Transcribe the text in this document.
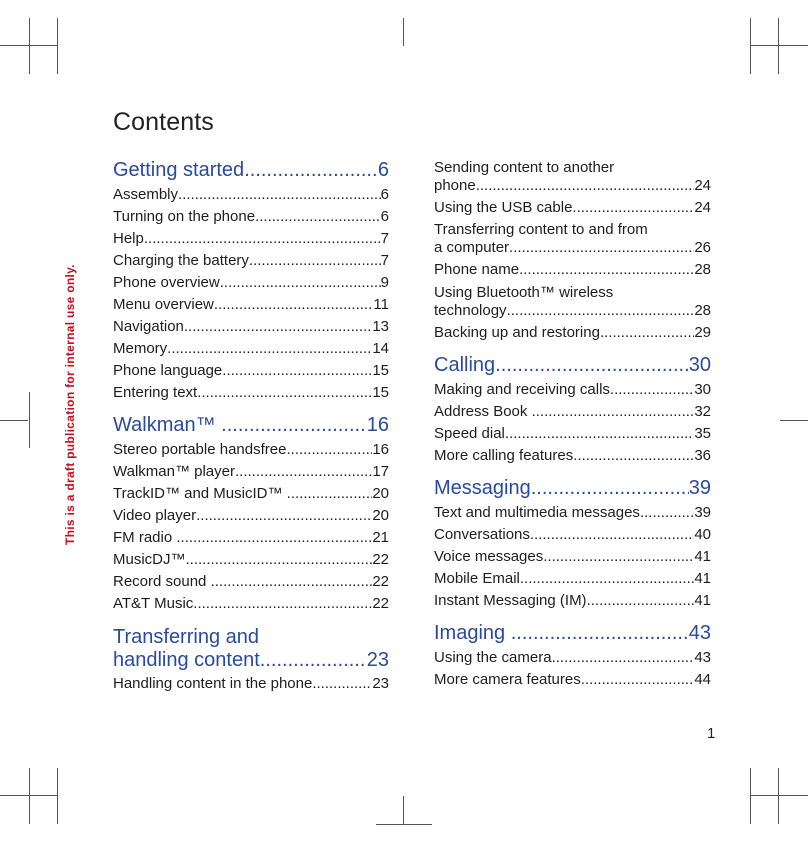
This is a draft publication for internal use only.
Contents
Getting started .....	6
Assembly .....	6
Turning on the phone .....	6
Help .....	7
Charging the battery .....	7
Phone overview .....	9
Menu overview .....	11
Navigation .....	13
Memory .....	14
Phone language .....	15
Entering text .....	15
Walkman™ .....	16
Stereo portable handsfree .....	16
Walkman™ player .....	17
TrackID™ and MusicID™ .....	20
Video player .....	20
FM radio .....	21
MusicDJ™ .....	22
Record sound .....	22
AT&T Music .....	22
Transferring and
handling content .....	23
Handling content in the phone .....	23
Sending content to another
phone .....	24
Using the USB cable .....	24
Transferring content to and from
a computer .....	26
Phone name .....	28
Using Bluetooth™ wireless
technology .....	28
Backing up and restoring .....	29
Calling .....	30
Making and receiving calls .....	30
Address Book .....	32
Speed dial .....	35
More calling features .....	36
Messaging .....	39
Text and multimedia messages .....	39
Conversations .....	40
Voice messages .....	41
Mobile Email .....	41
Instant Messaging (IM) .....	41
Imaging .....	43
Using the camera .....	43
More camera features .....	44
1
